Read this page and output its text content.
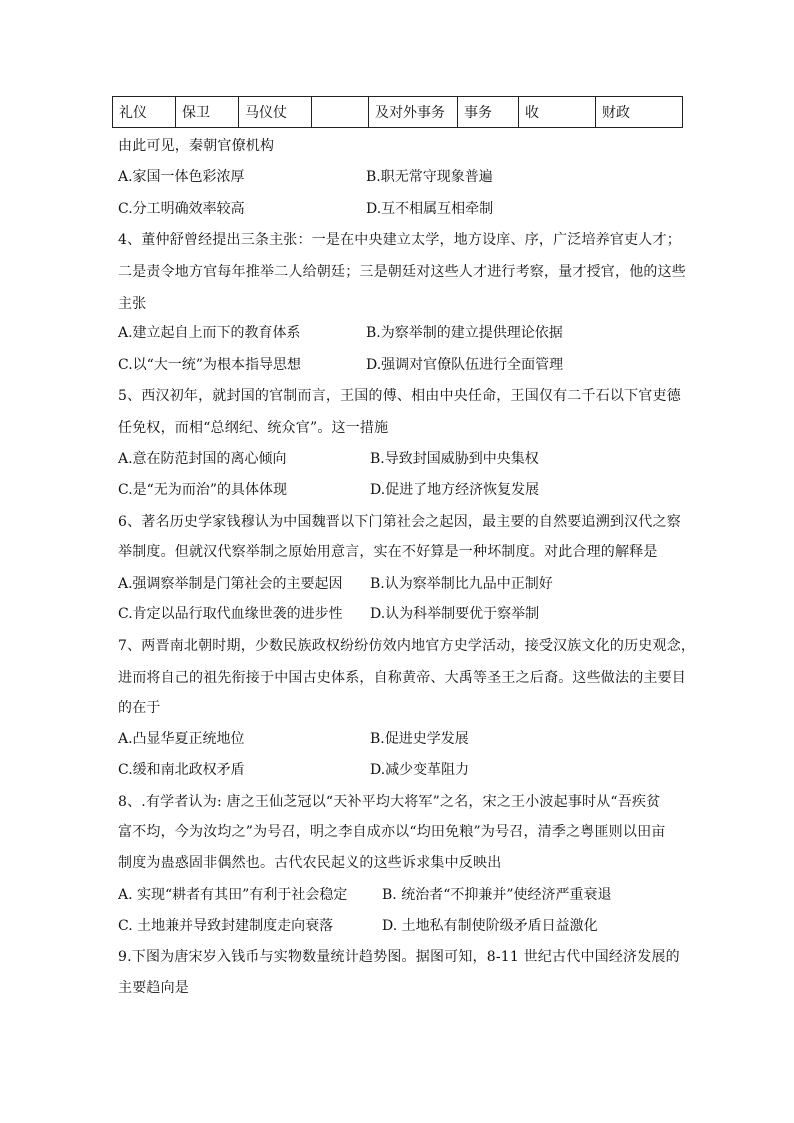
礼仪	保卫	马仪仗		及对外事务	事务	收	财政
由此可见，秦朝官僚机构
A.家国一体色彩浓厚	B.职无常守现象普遍
C.分工明确效率较高	D.互不相属互相牵制
4、董仲舒曾经提出三条主张：一是在中央建立太学，地方设庠、序，广泛培养官吏人才；
二是责令地方官每年推举二人给朝廷；三是朝廷对这些人才进行考察，量才授官，他的这些
主张
A.建立起自上而下的教育体系	B.为察举制的建立提供理论依据
C.以“大一统”为根本指导思想	D.强调对官僚队伍进行全面管理
5、西汉初年，就封国的官制而言，王国的傅、相由中央任命，王国仅有二千石以下官吏德
任免权，而相“总纲纪、统众官”。这一措施
A.意在防范封国的离心倾向	B.导致封国威胁到中央集权
C.是“无为而治”的具体体现	D.促进了地方经济恢复发展
6、著名历史学家钱穆认为中国魏晋以下门第社会之起因，最主要的自然要追溯到汉代之察
举制度。但就汉代察举制之原始用意言，实在不好算是一种坏制度。对此合理的解释是
A.强调察举制是门第社会的主要起因 B.认为察举制比九品中正制好
C.肯定以品行取代血缘世袭的进步性 D.认为科举制要优于察举制
7、两晋南北朝时期，少数民族政权纷纷仿效内地官方史学活动，接受汉族文化的历史观念，
进而将自己的祖先衔接于中国古史体系，自称黄帝、大禹等圣王之后裔。这些做法的主要目
的在于
A.凸显华夏正统地位	B.促进史学发展
C.缓和南北政权矛盾	D.减少变革阻力
8、.有学者认为: 唐之王仙芝冠以“天补平均大将军”之名，宋之王小波起事时从“吾疾贫
富不均，今为汝均之”为号召，明之李自成亦以“均田免粮”为号召，清季之粤匪则以田亩
制度为蛊惑固非偶然也。古代农民起义的这些诉求集中反映出
A. 实现“耕者有其田”有利于社会稳定 B. 统治者“不抑兼并”使经济严重衰退
C. 土地兼并导致封建制度走向衰落	D. 土地私有制使阶级矛盾日益激化
9.下图为唐宋岁入钱币与实物数量统计趋势图。据图可知，8-11 世纪古代中国经济发展的
主要趋向是
